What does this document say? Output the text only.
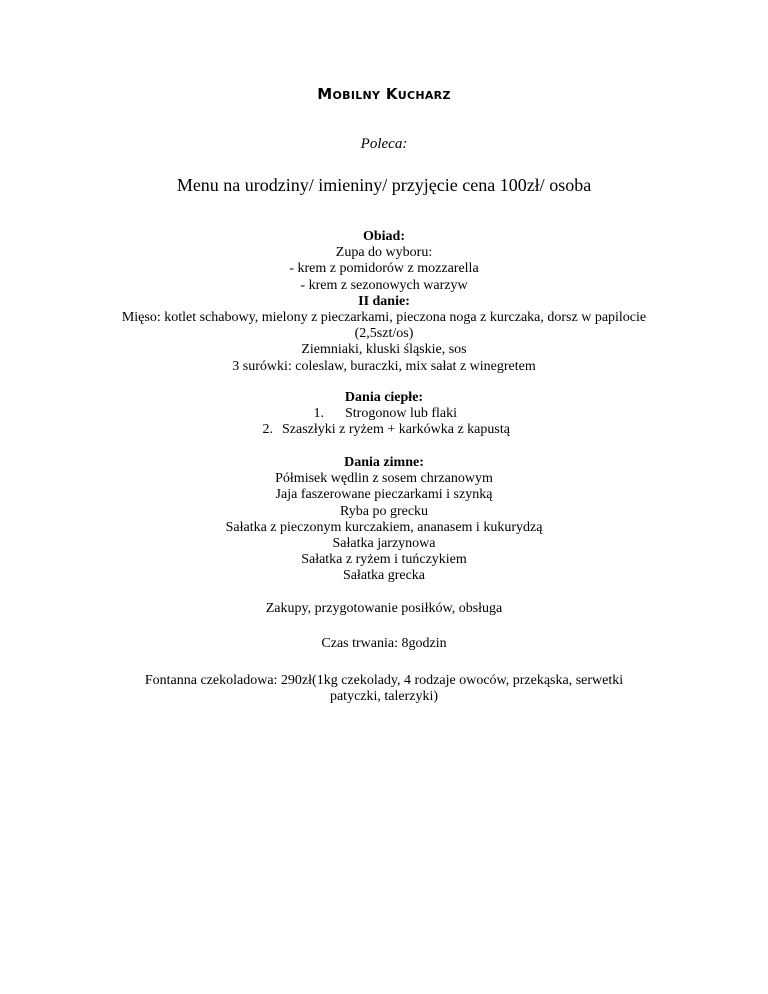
Mobilny Kucharz
Poleca:
Menu na urodziny/ imieniny/ przyjęcie cena 100zł/ osoba
Obiad:
Zupa do wyboru:
- krem z pomidorów z mozzarella
- krem z sezonowych warzyw
II danie:
Mięso: kotlet schabowy, mielony z pieczarkami, pieczona noga z kurczaka, dorsz w papilocie
(2,5szt/os)
Ziemniaki, kluski śląskie, sos
3 surówki: coleslaw, buraczki, mix sałat z winegretem
Dania ciepłe:
1. Strogonow lub flaki
2. Szaszłyki z ryżem + karkówka z kapustą
Dania zimne:
Półmisek wędlin z sosem chrzanowym
Jaja faszerowane pieczarkami i szynką
Ryba po grecku
Sałatka z pieczonym kurczakiem, ananasem i kukurydzą
Sałatka jarzynowa
Sałatka z ryżem i tuńczykiem
Sałatka grecka
Zakupy, przygotowanie posiłków, obsługa
Czas trwania: 8godzin
Fontanna czekoladowa: 290zł(1kg czekolady, 4 rodzaje owoców, przekąska, serwetki
patyczki, talerzyki)
